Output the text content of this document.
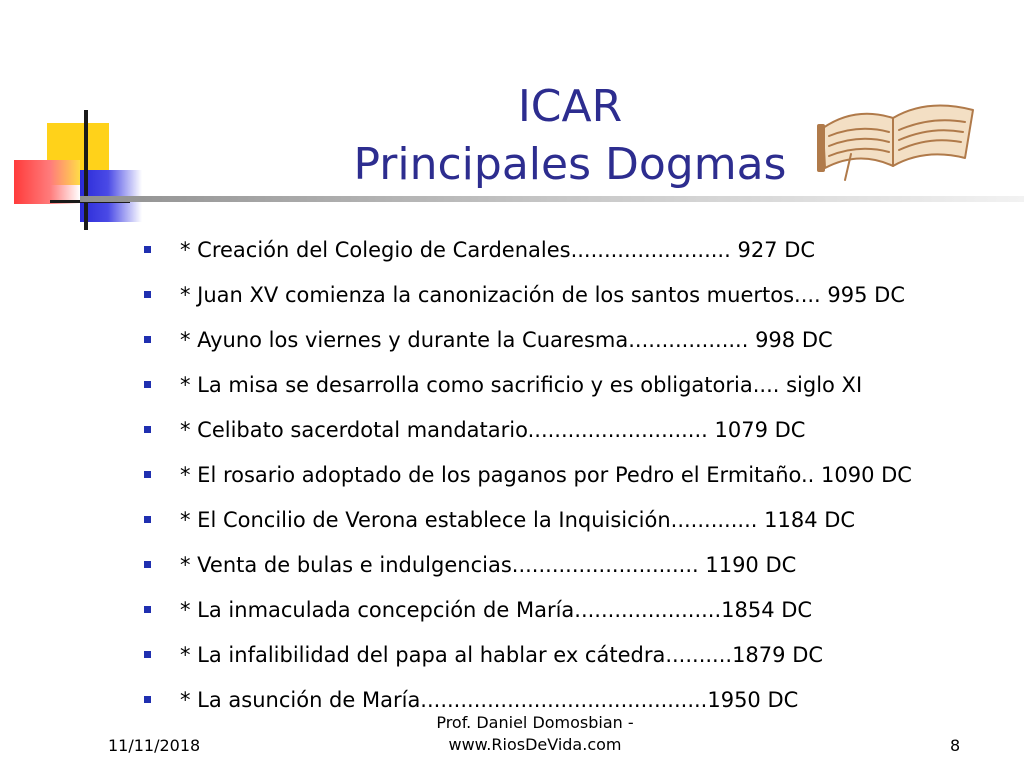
ICAR
Principales Dogmas
* Creación del Colegio de Cardenales........................ 927 DC
* Juan XV comienza la canonización de los santos muertos.... 995 DC
* Ayuno los viernes y durante la Cuaresma.................. 998 DC
* La misa se desarrolla como sacrificio y es obligatoria.... siglo XI
* Celibato sacerdotal mandatario........................... 1079 DC
* El rosario adoptado de los paganos por Pedro el Ermitaño.. 1090 DC
* El Concilio de Verona establece la Inquisición............. 1184 DC
* Venta de bulas e indulgencias............................ 1190 DC
* La inmaculada concepción de María......................1854 DC
* La infalibilidad del papa al hablar ex cátedra..........1879 DC
* La asunción de María...........................................1950 DC
11/11/2018
Prof. Daniel Domosbian -
www.RiosDeVida.com	8
